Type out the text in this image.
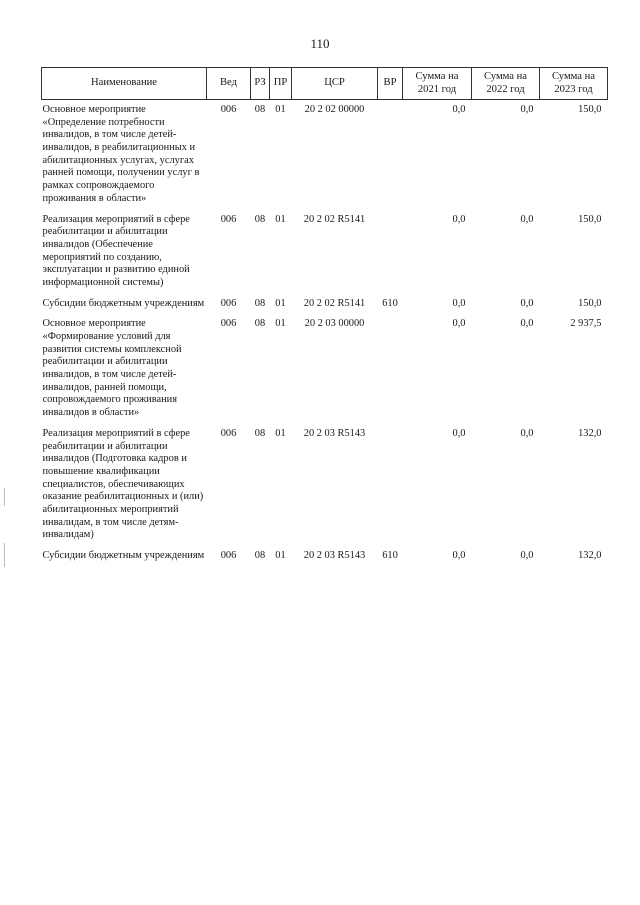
110
Наименование	Вед	РЗ	ПР	ЦСР	ВР	Сумма на 2021 год	Сумма на 2022 год	Сумма на 2023 год
Основное мероприятие «Определение потребности инвалидов, в том числе детей-инвалидов, в реабилитационных и абилитационных услугах, услугах ранней помощи, получении услуг в рамках сопровождаемого проживания в области»	006	08	01	20 2 02 00000		0,0	0,0	150,0
Реализация мероприятий в сфере реабилитации и абилитации инвалидов (Обеспечение мероприятий по созданию, эксплуатации и развитию единой информационной системы)	006	08	01	20 2 02 R5141		0,0	0,0	150,0
Субсидии бюджетным учреждениям	006	08	01	20 2 02 R5141	610	0,0	0,0	150,0
Основное мероприятие «Формирование условий для развития системы комплексной реабилитации и абилитации инвалидов, в том числе детей-инвалидов, ранней помощи, сопровождаемого проживания инвалидов в области»	006	08	01	20 2 03 00000		0,0	0,0	2 937,5
Реализация мероприятий в сфере реабилитации и абилитации инвалидов (Подготовка кадров и повышение квалификации специалистов, обеспечивающих оказание реабилитационных и (или) абилитационных мероприятий инвалидам, в том числе детям-инвалидам)	006	08	01	20 2 03 R5143		0,0	0,0	132,0
Субсидии бюджетным учреждениям	006	08	01	20 2 03 R5143	610	0,0	0,0	132,0
